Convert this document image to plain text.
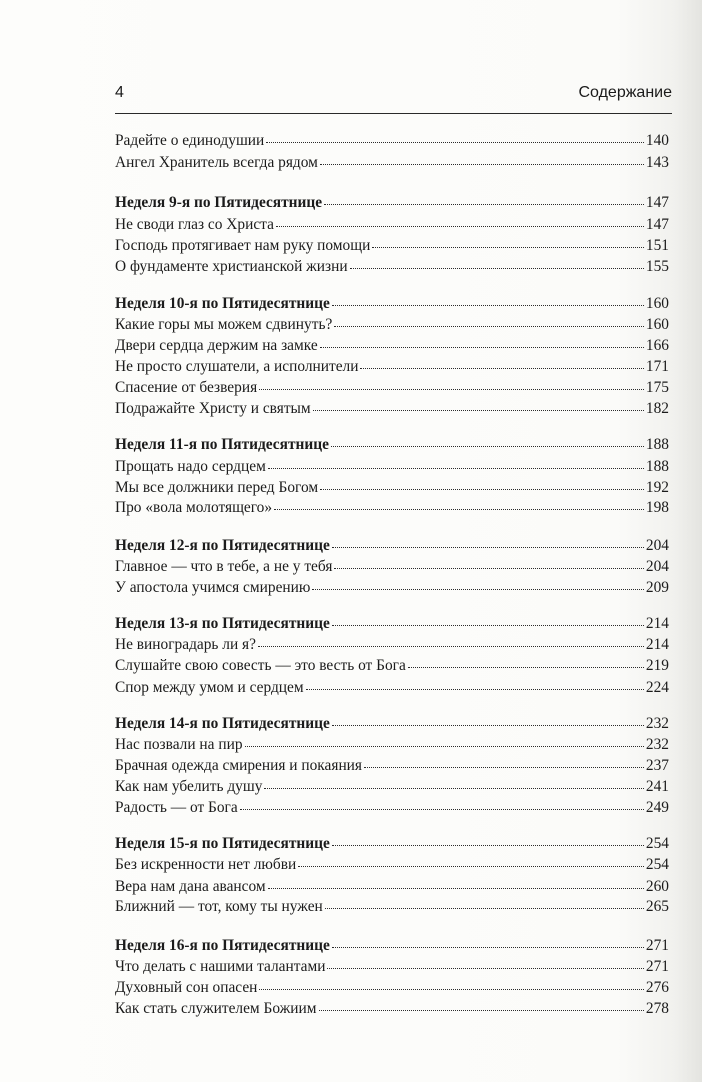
4	Содержание
Радейте о единодушии	140
Ангел Хранитель всегда рядом	143
Неделя 9-я по Пятидесятнице	147
Не своди глаз со Христа	147
Господь протягивает нам руку помощи	151
О фундаменте христианской жизни	155
Неделя 10-я по Пятидесятнице	160
Какие горы мы можем сдвинуть?	160
Двери сердца держим на замке	166
Не просто слушатели, а исполнители	171
Спасение от безверия	175
Подражайте Христу и святым	182
Неделя 11-я по Пятидесятнице	188
Прощать надо сердцем	188
Мы все должники перед Богом	192
Про «вола молотящего»	198
Неделя 12-я по Пятидесятнице	204
Главное — что в тебе, а не у тебя	204
У апостола учимся смирению	209
Неделя 13-я по Пятидесятнице	214
Не виноградарь ли я?	214
Слушайте свою совесть — это весть от Бога	219
Спор между умом и сердцем	224
Неделя 14-я по Пятидесятнице	232
Нас позвали на пир	232
Брачная одежда смирения и покаяния	237
Как нам убелить душу	241
Радость — от Бога	249
Неделя 15-я по Пятидесятнице	254
Без искренности нет любви	254
Вера нам дана авансом	260
Ближний — тот, кому ты нужен	265
Неделя 16-я по Пятидесятнице	271
Что делать с нашими талантами	271
Духовный сон опасен	276
Как стать служителем Божиим	278
